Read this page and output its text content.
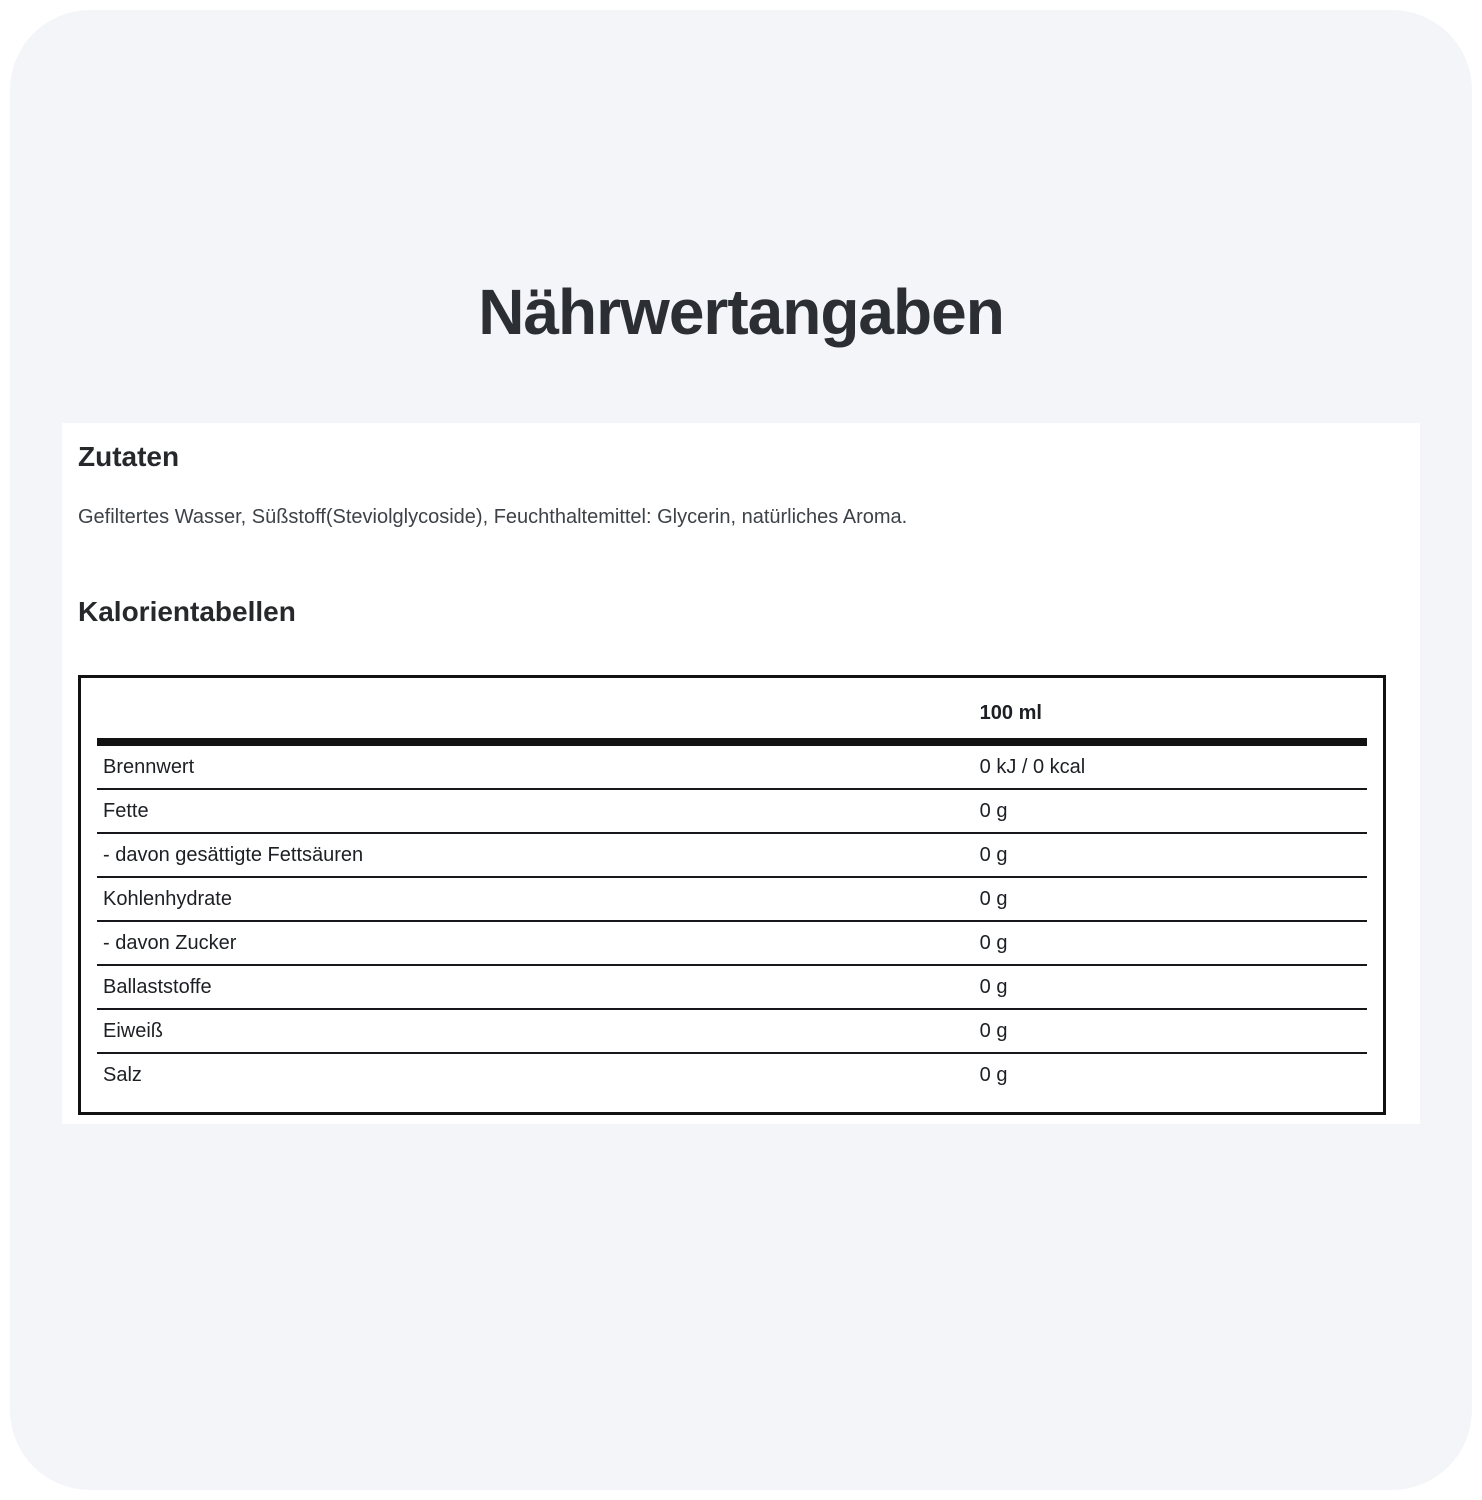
Nährwertangaben
Zutaten

Gefiltertes Wasser, Süßstoff(Steviolglycoside), Feuchthaltemittel: Glycerin, natürliches Aroma.

Kalorientabellen
100 ml
Brennwert	0 kJ / 0 kcal
Fette	0 g
- davon gesättigte Fettsäuren	0 g
Kohlenhydrate	0 g
- davon Zucker	0 g
Ballaststoffe	0 g
Eiweiß	0 g
Salz	0 g
